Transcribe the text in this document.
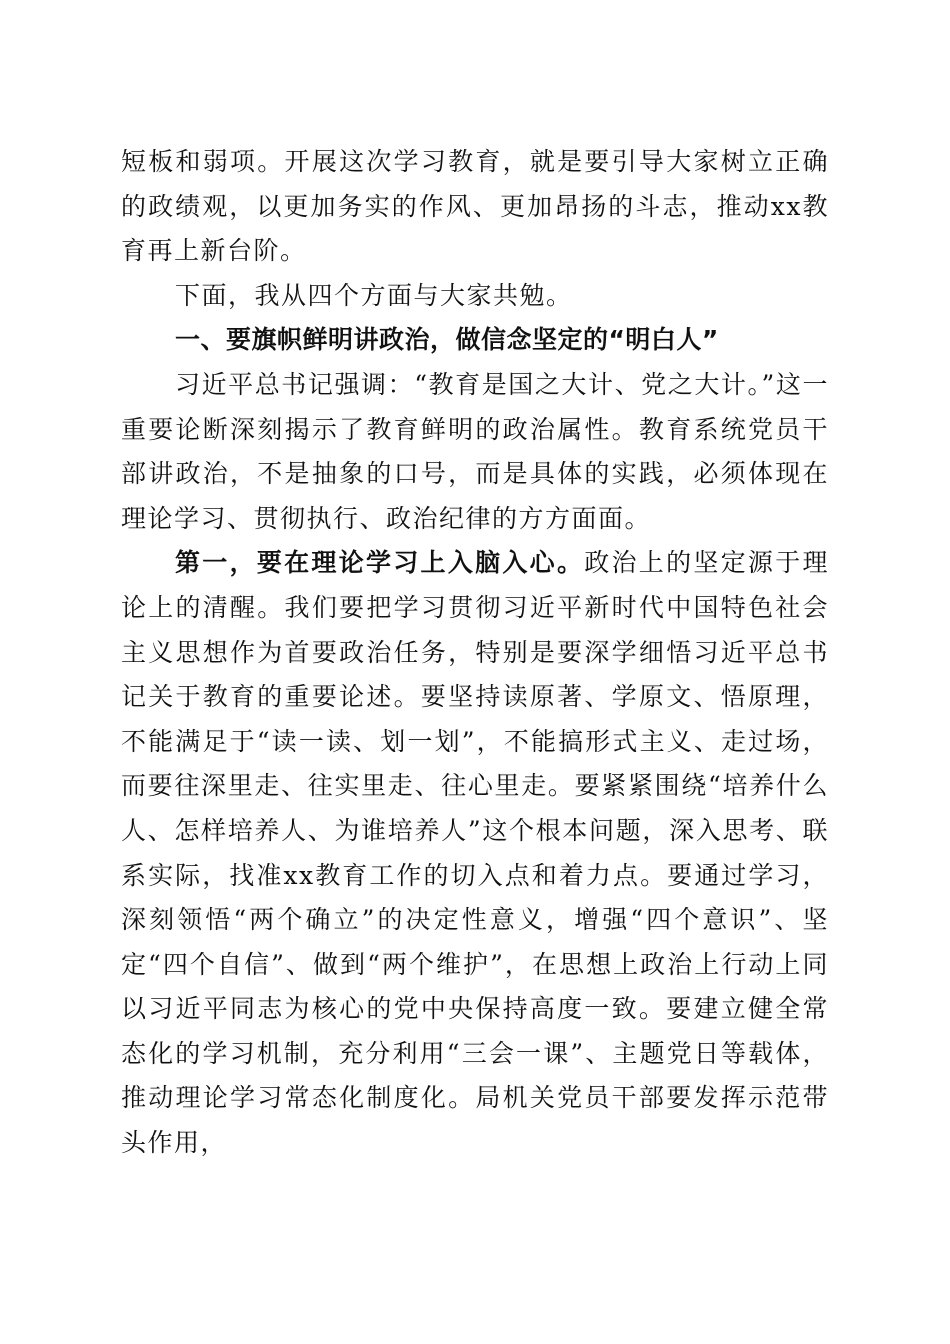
短板和弱项。开展这次学习教育，就是要引导大家树立正确的政绩观，以更加务实的作风、更加昂扬的斗志，推动xx教育再上新台阶。

下面，我从四个方面与大家共勉。

一、要旗帜鲜明讲政治，做信念坚定的“明白人”

习近平总书记强调：“教育是国之大计、党之大计。”这一重要论断深刻揭示了教育鲜明的政治属性。教育系统党员干部讲政治，不是抽象的口号，而是具体的实践，必须体现在理论学习、贯彻执行、政治纪律的方方面面。

第一，要在理论学习上入脑入心。政治上的坚定源于理论上的清醒。我们要把学习贯彻习近平新时代中国特色社会主义思想作为首要政治任务，特别是要深学细悟习近平总书记关于教育的重要论述。要坚持读原著、学原文、悟原理，不能满足于“读一读、划一划”，不能搞形式主义、走过场，而要往深里走、往实里走、往心里走。要紧紧围绕“培养什么人、怎样培养人、为谁培养人”这个根本问题，深入思考、联系实际，找准xx教育工作的切入点和着力点。要通过学习，深刻领悟“两个确立”的决定性意义，增强“四个意识”、坚定“四个自信”、做到“两个维护”，在思想上政治上行动上同以习近平同志为核心的党中央保持高度一致。要建立健全常态化的学习机制，充分利用“三会一课”、主题党日等载体，推动理论学习常态化制度化。局机关党员干部要发挥示范带头作用，
